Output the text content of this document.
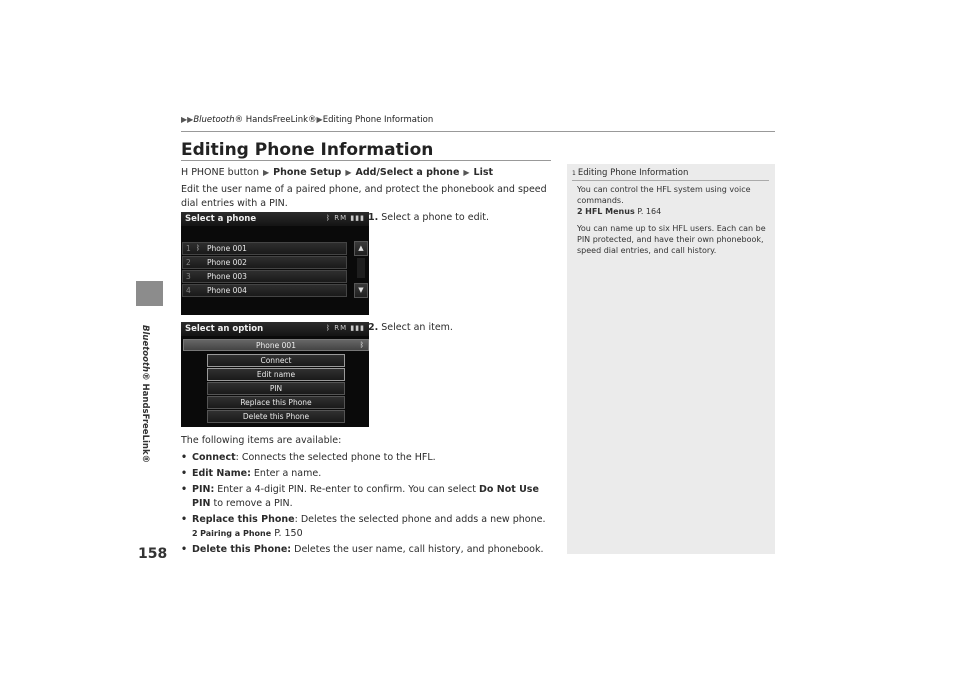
Bluetooth® HandsFreeLink®
158
▶▶Bluetooth® HandsFreeLink®▶Editing Phone Information
Editing Phone Information
H PHONE button ▶ Phone Setup ▶ Add/Select a phone ▶ List
Edit the user name of a paired phone, and protect the phonebook and speed dial entries with a PIN.
Select a phone	ᛒ RM ▮▮▮
1 ᛒ Phone 001
2 Phone 002
3 Phone 003
4 Phone 004
▲
▼
1. Select a phone to edit.
Select an option	ᛒ RM ▮▮▮
Phone 001	ᛒ
Connect
Edit name
PIN
Replace this Phone
Delete this Phone
2. Select an item.
The following items are available:
• Connect: Connects the selected phone to the HFL.
• Edit Name: Enter a name.
• PIN: Enter a 4-digit PIN. Re-enter to confirm. You can select Do Not Use PIN to remove a PIN.
• Replace this Phone: Deletes the selected phone and adds a new phone.
2 Pairing a Phone P. 150
• Delete this Phone: Deletes the user name, call history, and phonebook.
1 Editing Phone Information

You can control the HFL system using voice commands.

2 HFL Menus P. 164

You can name up to six HFL users. Each can be PIN protected, and have their own phonebook, speed dial entries, and call history.
